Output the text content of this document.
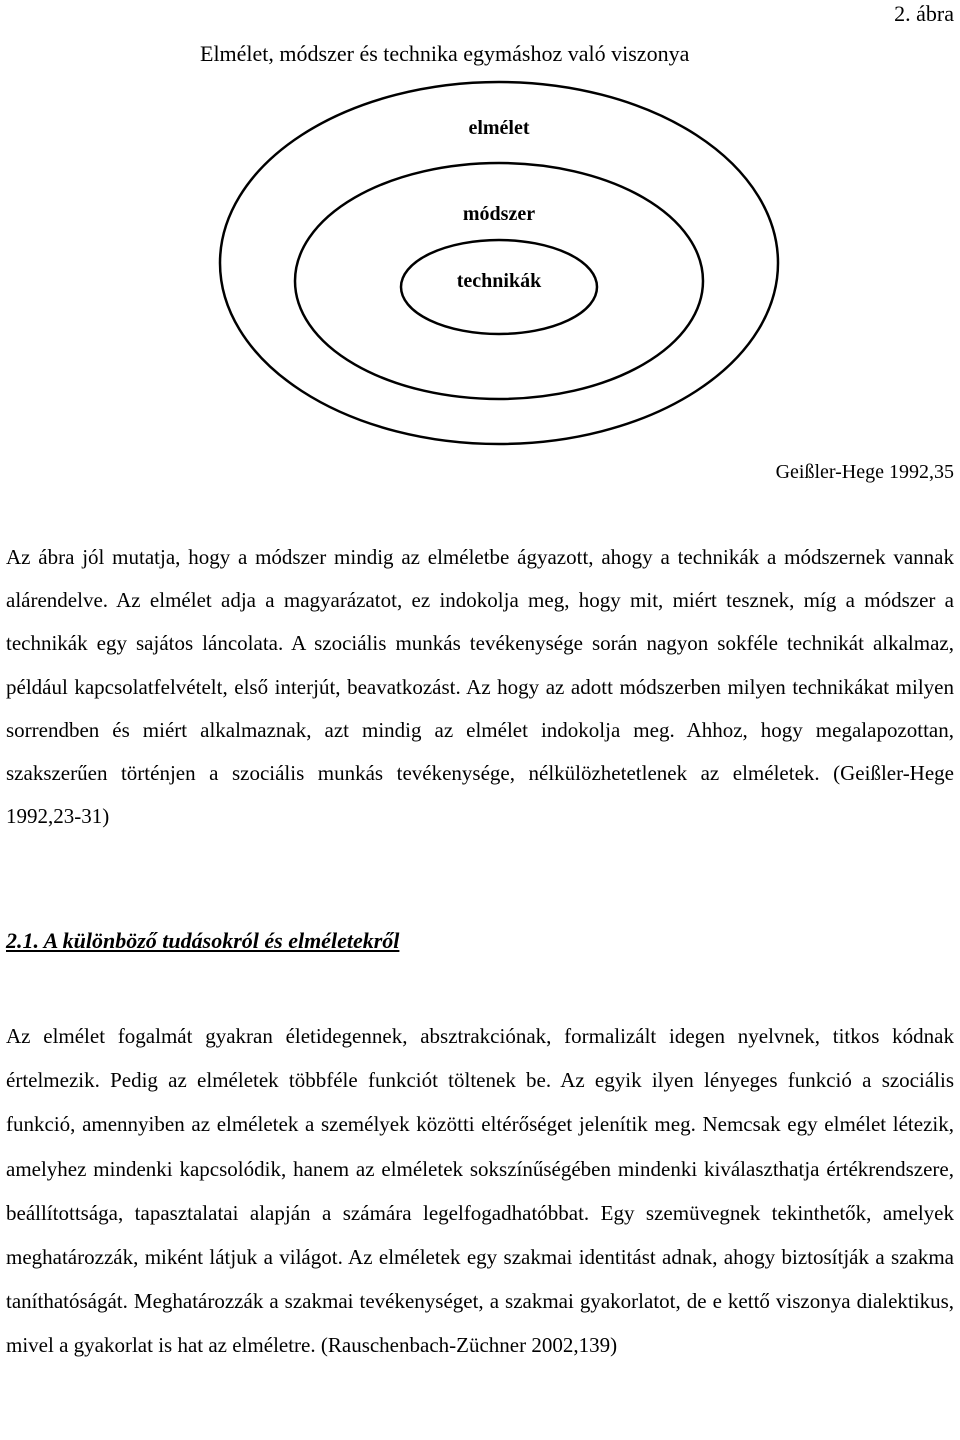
2. ábra
Elmélet, módszer és technika egymáshoz való viszonya
elmélet
módszer
technikák
Geißler-Hege 1992,35

Az ábra jól mutatja, hogy a módszer mindig az elméletbe ágyazott, ahogy a technikák a módszernek vannak alárendelve. Az elmélet adja a magyarázatot, ez indokolja meg, hogy mit, miért tesznek, míg a módszer a technikák egy sajátos láncolata. A szociális munkás tevékenysége során nagyon sokféle technikát alkalmaz, például kapcsolatfelvételt, első interjút, beavatkozást. Az hogy az adott módszerben milyen technikákat milyen sorrendben és miért alkalmaznak, azt mindig az elmélet indokolja meg. Ahhoz, hogy megalapozottan, szakszerűen történjen a szociális munkás tevékenysége, nélkülözhetetlenek az elméletek. (Geißler-Hege 1992,23-31)

2.1. A különböző tudásokról és elméletekről

Az elmélet fogalmát gyakran életidegennek, absztrakciónak, formalizált idegen nyelvnek, titkos kódnak értelmezik. Pedig az elméletek többféle funkciót töltenek be. Az egyik ilyen lényeges funkció a szociális funkció, amennyiben az elméletek a személyek közötti eltérőséget jelenítik meg. Nemcsak egy elmélet létezik, amelyhez mindenki kapcsolódik, hanem az elméletek sokszínűségében mindenki kiválaszthatja értékrendszere, beállítottsága, tapasztalatai alapján a számára legelfogadhatóbbat. Egy szemüvegnek tekinthetők, amelyek meghatározzák, miként látjuk a világot. Az elméletek egy szakmai identitást adnak, ahogy biztosítják a szakma taníthatóságát. Meghatározzák a szakmai tevékenységet, a szakmai gyakorlatot, de e kettő viszonya dialektikus, mivel a gyakorlat is hat az elméletre. (Rauschenbach-Züchner 2002,139)
